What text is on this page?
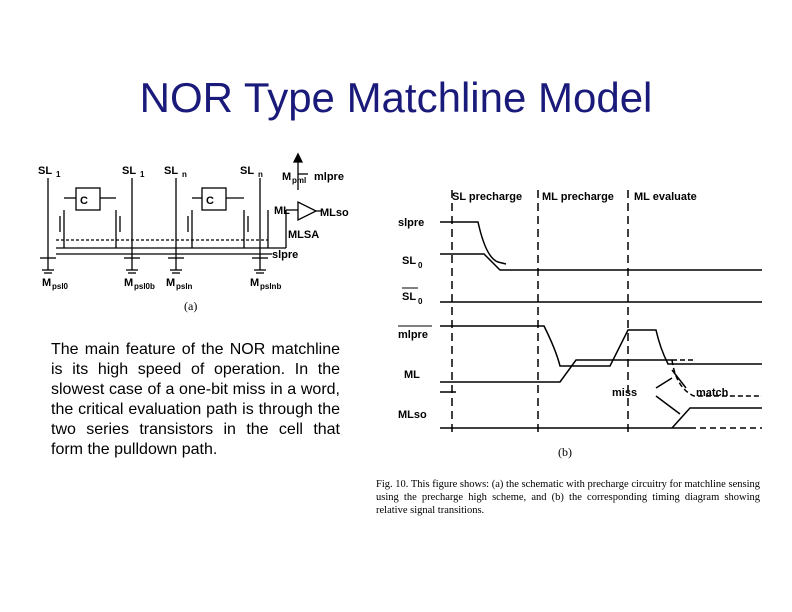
NOR Type Matchline Model
SL 1	SL 1 SL n	SL n M pml mlpre
ML	MLso
MLSA
slpre
C	C
M psl0	M psl0b M psln	M pslnb
(a)
The main feature of the NOR matchline is its high speed of operation. In the slowest case of a one-bit miss in a word, the critical evaluation path is through the two series transistors in the cell that form the pulldown path.
SL precharge ML precharge ML evaluate
slpre
SL 0
SL 0
mlpre
ML
MLso
miss	match
(b)
Fig. 10. This figure shows: (a) the schematic with precharge circuitry for matchline sensing using the precharge high scheme, and (b) the corresponding timing diagram showing relative signal transitions.
